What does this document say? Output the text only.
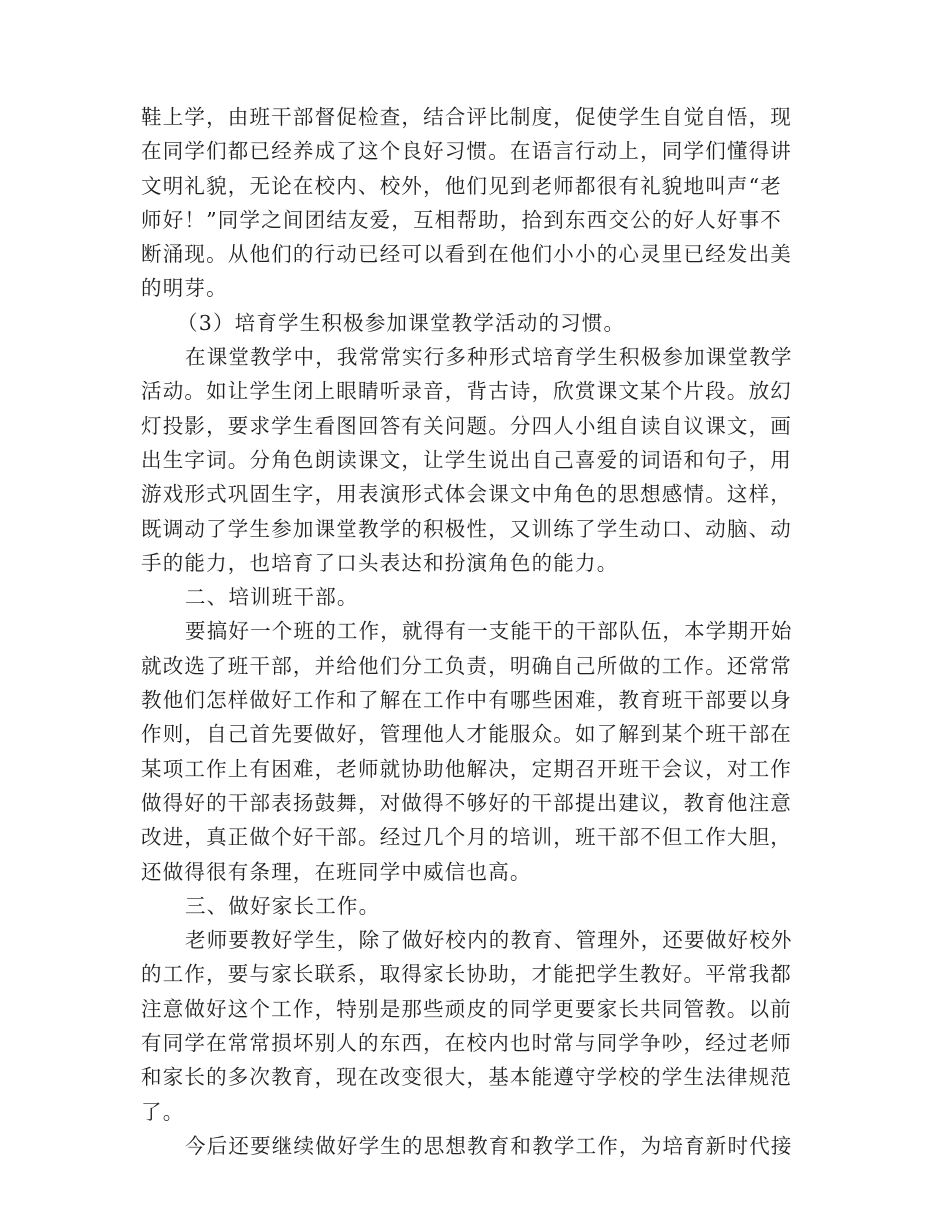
鞋上学，由班干部督促检查，结合评比制度，促使学生自觉自悟，现
在同学们都已经养成了这个良好习惯。在语言行动上，同学们懂得讲
文明礼貌，无论在校内、校外，他们见到老师都很有礼貌地叫声“老
师好！”同学之间团结友爱，互相帮助，拾到东西交公的好人好事不
断涌现。从他们的行动已经可以看到在他们小小的心灵里已经发出美
的明芽。
（3）培育学生积极参加课堂教学活动的习惯。
在课堂教学中，我常常实行多种形式培育学生积极参加课堂教学
活动。如让学生闭上眼睛听录音，背古诗，欣赏课文某个片段。放幻
灯投影，要求学生看图回答有关问题。分四人小组自读自议课文，画
出生字词。分角色朗读课文，让学生说出自己喜爱的词语和句子，用
游戏形式巩固生字，用表演形式体会课文中角色的思想感情。这样，
既调动了学生参加课堂教学的积极性，又训练了学生动口、动脑、动
手的能力，也培育了口头表达和扮演角色的能力。
二、培训班干部。
要搞好一个班的工作，就得有一支能干的干部队伍，本学期开始
就改选了班干部，并给他们分工负责，明确自己所做的工作。还常常
教他们怎样做好工作和了解在工作中有哪些困难，教育班干部要以身
作则，自己首先要做好，管理他人才能服众。如了解到某个班干部在
某项工作上有困难，老师就协助他解决，定期召开班干会议，对工作
做得好的干部表扬鼓舞，对做得不够好的干部提出建议，教育他注意
改进，真正做个好干部。经过几个月的培训，班干部不但工作大胆，
还做得很有条理，在班同学中威信也高。
三、做好家长工作。
老师要教好学生，除了做好校内的教育、管理外，还要做好校外
的工作，要与家长联系，取得家长协助，才能把学生教好。平常我都
注意做好这个工作，特别是那些顽皮的同学更要家长共同管教。以前
有同学在常常损坏别人的东西，在校内也时常与同学争吵，经过老师
和家长的多次教育，现在改变很大，基本能遵守学校的学生法律规范
了。
今后还要继续做好学生的思想教育和教学工作，为培育新时代接
